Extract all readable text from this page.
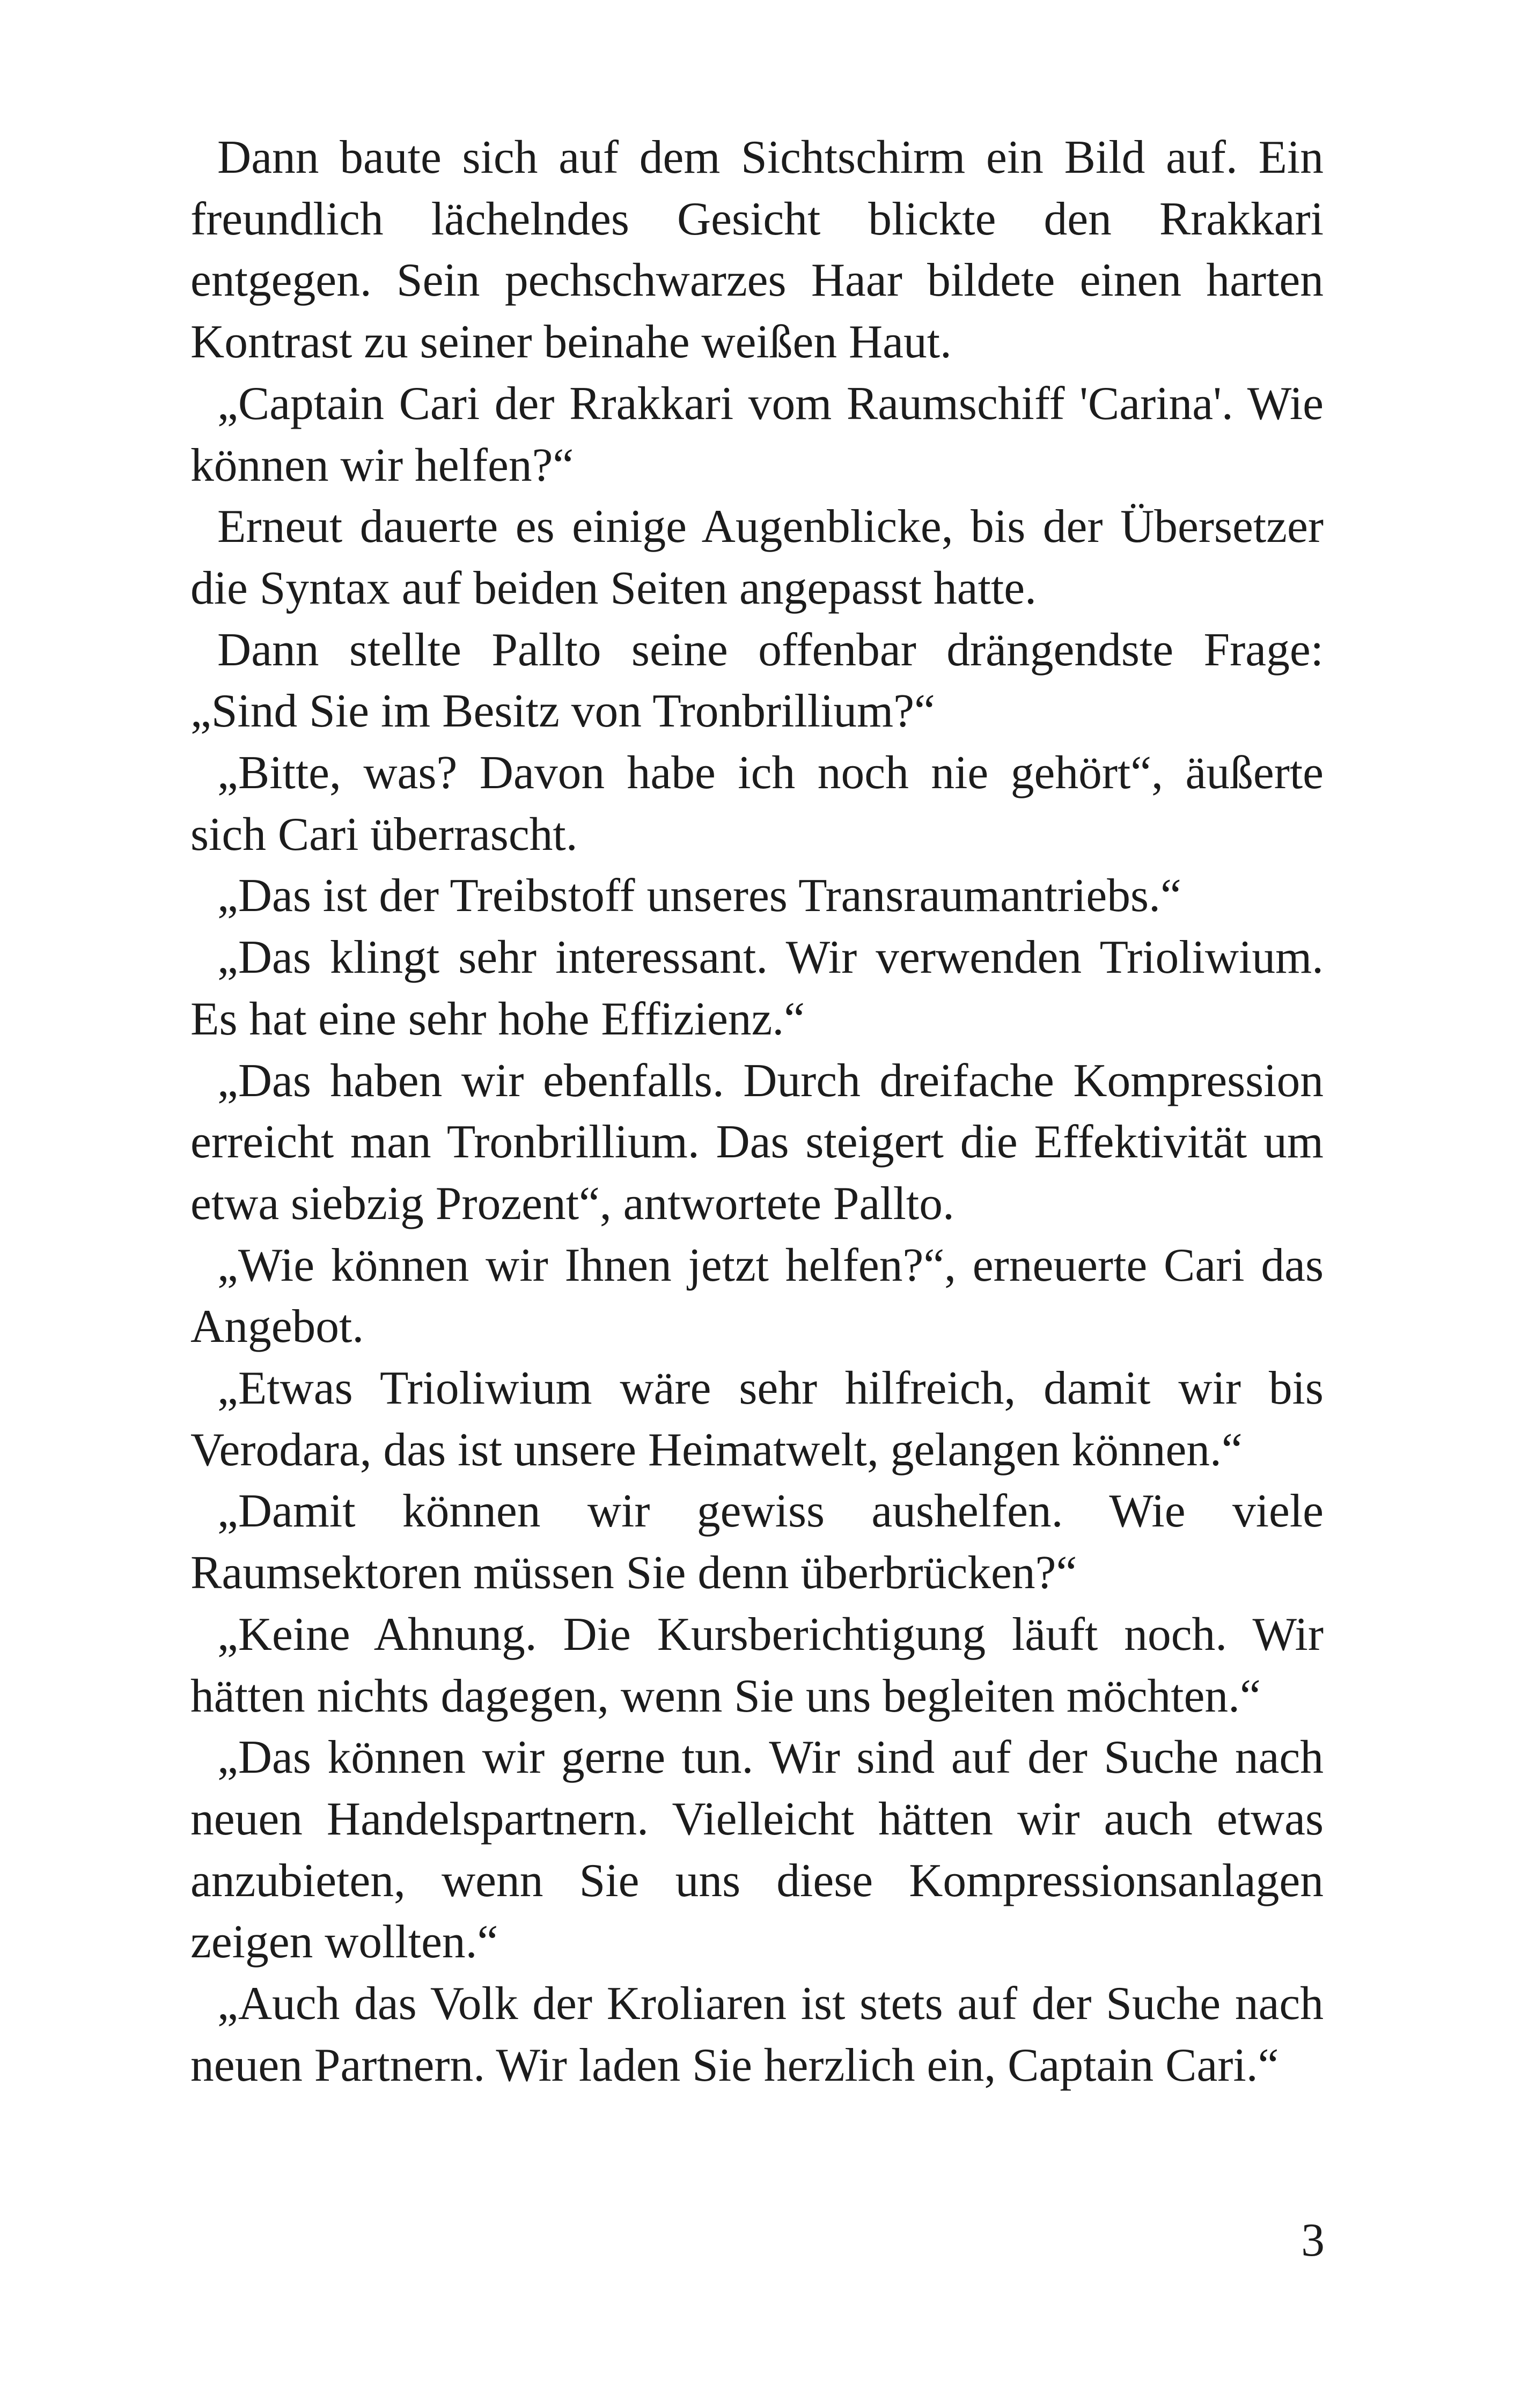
Dann baute sich auf dem Sichtschirm ein Bild auf. Ein freundlich lächelndes Gesicht blickte den Rrakkari entgegen. Sein pechschwarzes Haar bildete einen harten Kontrast zu seiner beinahe weißen Haut.

„Captain Cari der Rrakkari vom Raumschiff 'Carina'. Wie können wir helfen?“

Erneut dauerte es einige Augenblicke, bis der Übersetzer die Syntax auf beiden Seiten angepasst hatte.

Dann stellte Pallto seine offenbar drängendste Frage: „Sind Sie im Besitz von Tronbrillium?“

„Bitte, was? Davon habe ich noch nie gehört“, äußerte sich Cari überrascht.

„Das ist der Treibstoff unseres Transraumantriebs.“

„Das klingt sehr interessant. Wir verwenden Trioliwium. Es hat eine sehr hohe Effizienz.“

„Das haben wir ebenfalls. Durch dreifache Kompression erreicht man Tronbrillium. Das steigert die Effektivität um etwa siebzig Prozent“, antwortete Pallto.

„Wie können wir Ihnen jetzt helfen?“, erneuerte Cari das Angebot.

„Etwas Trioliwium wäre sehr hilfreich, damit wir bis Verodara, das ist unsere Heimatwelt, gelangen können.“

„Damit können wir gewiss aushelfen. Wie viele Raumsektoren müssen Sie denn überbrücken?“

„Keine Ahnung. Die Kursberichtigung läuft noch. Wir hätten nichts dagegen, wenn Sie uns begleiten möchten.“

„Das können wir gerne tun. Wir sind auf der Suche nach neuen Handelspartnern. Vielleicht hätten wir auch etwas anzubieten, wenn Sie uns diese Kompressionsanlagen zeigen wollten.“

„Auch das Volk der Kroliaren ist stets auf der Suche nach neuen Partnern. Wir laden Sie herzlich ein, Captain Cari.“

3
